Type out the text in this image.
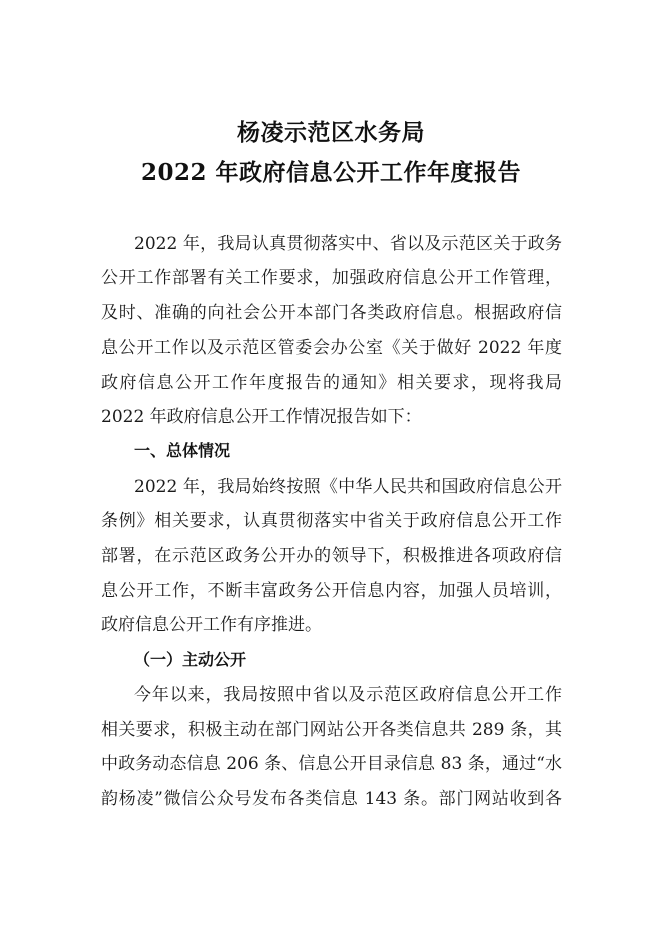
杨凌示范区水务局
2022 年政府信息公开工作年度报告
2022 年，我局认真贯彻落实中、省以及示范区关于政务
公开工作部署有关工作要求，加强政府信息公开工作管理，
及时、准确的向社会公开本部门各类政府信息。根据政府信
息公开工作以及示范区管委会办公室《关于做好 2022 年度
政府信息公开工作年度报告的通知》相关要求，现将我局
2022 年政府信息公开工作情况报告如下：
一、总体情况
2022 年，我局始终按照《中华人民共和国政府信息公开
条例》相关要求，认真贯彻落实中省关于政府信息公开工作
部署，在示范区政务公开办的领导下，积极推进各项政府信
息公开工作，不断丰富政务公开信息内容，加强人员培训，
政府信息公开工作有序推进。
（一）主动公开
今年以来，我局按照中省以及示范区政府信息公开工作
相关要求，积极主动在部门网站公开各类信息共 289 条，其
中政务动态信息 206 条、信息公开目录信息 83 条，通过“水
韵杨凌”微信公众号发布各类信息 143 条。部门网站收到各
